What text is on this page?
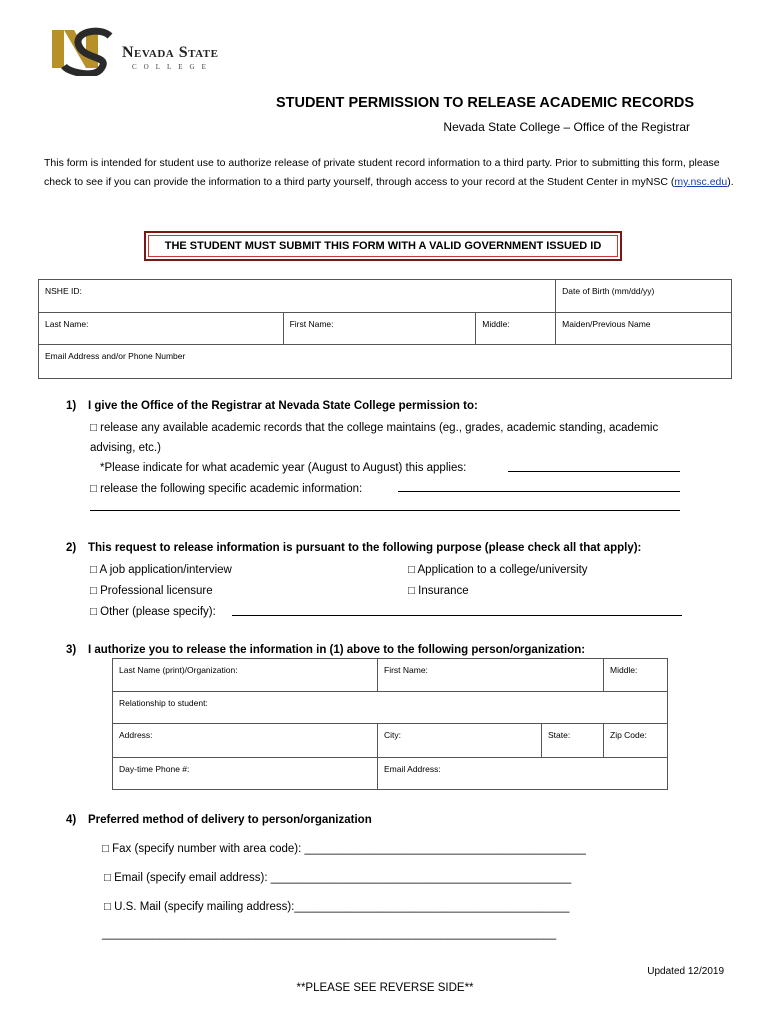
Nevada State
COLLEGE
STUDENT PERMISSION TO RELEASE ACADEMIC RECORDS
Nevada State College – Office of the Registrar
This form is intended for student use to authorize release of private student record information to a third party. Prior to submitting this form, please check to see if you can provide the information to a third party yourself, through access to your record at the Student Center in myNSC (my.nsc.edu).
THE STUDENT MUST SUBMIT THIS FORM WITH A VALID GOVERNMENT ISSUED ID
NSHE ID:			Date of Birth (mm/dd/yy)
Last Name:	First Name:	Middle:	Maiden/Previous Name
Email Address and/or Phone Number			
1) I give the Office of the Registrar at Nevada State College permission to:
□ release any available academic records that the college maintains (eg., grades, academic standing, academic
advising, etc.)
*Please indicate for what academic year (August to August) this applies:
□ release the following specific academic information:
2) This request to release information is pursuant to the following purpose (please check all that apply):
□ A job application/interview	□ Application to a college/university
□ Professional licensure	□ Insurance
□ Other (please specify):
3) I authorize you to release the information in (1) above to the following person/organization:
Last Name (print)/Organization:	First Name:		Middle:
Relationship to student:			
Address:	City:	State:	Zip Code:
Day-time Phone #:	Email Address:		
4) Preferred method of delivery to person/organization
□ Fax (specify number with area code): ____________________________________________
□ Email (specify email address): _______________________________________________
□ U.S. Mail (specify mailing address):___________________________________________
_______________________________________________________________________
Updated 12/2019
**PLEASE SEE REVERSE SIDE**
